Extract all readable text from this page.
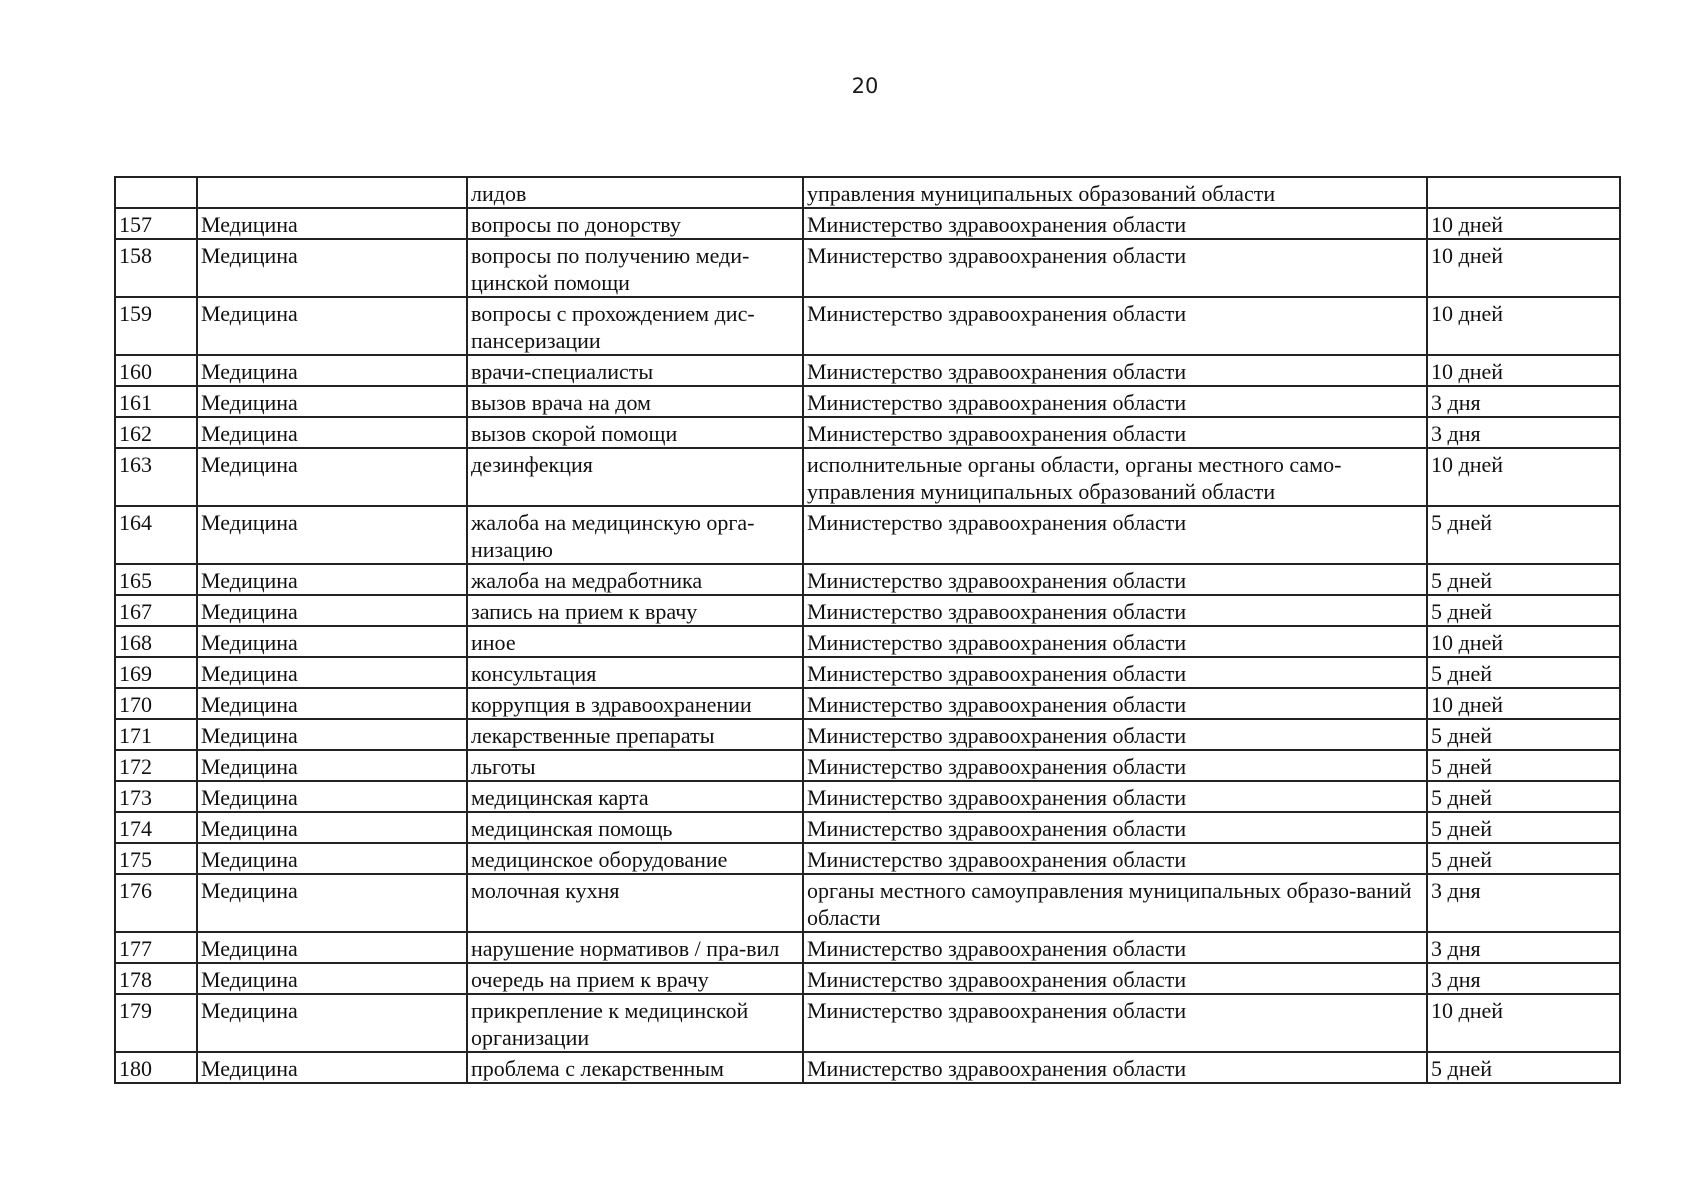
20
		лидов	управления муниципальных образований области	
157	Медицина	вопросы по донорству	Министерство здравоохранения области	10 дней
158	Медицина	вопросы по получению меди-цинской помощи	Министерство здравоохранения области	10 дней
159	Медицина	вопросы с прохождением дис-пансеризации	Министерство здравоохранения области	10 дней
160	Медицина	врачи-специалисты	Министерство здравоохранения области	10 дней
161	Медицина	вызов врача на дом	Министерство здравоохранения области	3 дня
162	Медицина	вызов скорой помощи	Министерство здравоохранения области	3 дня
163	Медицина	дезинфекция	исполнительные органы области, органы местного само-управления муниципальных образований области	10 дней
164	Медицина	жалоба на медицинскую орга-низацию	Министерство здравоохранения области	5 дней
165	Медицина	жалоба на медработника	Министерство здравоохранения области	5 дней
167	Медицина	запись на прием к врачу	Министерство здравоохранения области	5 дней
168	Медицина	иное	Министерство здравоохранения области	10 дней
169	Медицина	консультация	Министерство здравоохранения области	5 дней
170	Медицина	коррупция в здравоохранении	Министерство здравоохранения области	10 дней
171	Медицина	лекарственные препараты	Министерство здравоохранения области	5 дней
172	Медицина	льготы	Министерство здравоохранения области	5 дней
173	Медицина	медицинская карта	Министерство здравоохранения области	5 дней
174	Медицина	медицинская помощь	Министерство здравоохранения области	5 дней
175	Медицина	медицинское оборудование	Министерство здравоохранения области	5 дней
176	Медицина	молочная кухня	органы местного самоуправления муниципальных образо-ваний области	3 дня
177	Медицина	нарушение нормативов / пра-вил	Министерство здравоохранения области	3 дня
178	Медицина	очередь на прием к врачу	Министерство здравоохранения области	3 дня
179	Медицина	прикрепление к медицинской организации	Министерство здравоохранения области	10 дней
180	Медицина	проблема с лекарственным	Министерство здравоохранения области	5 дней
